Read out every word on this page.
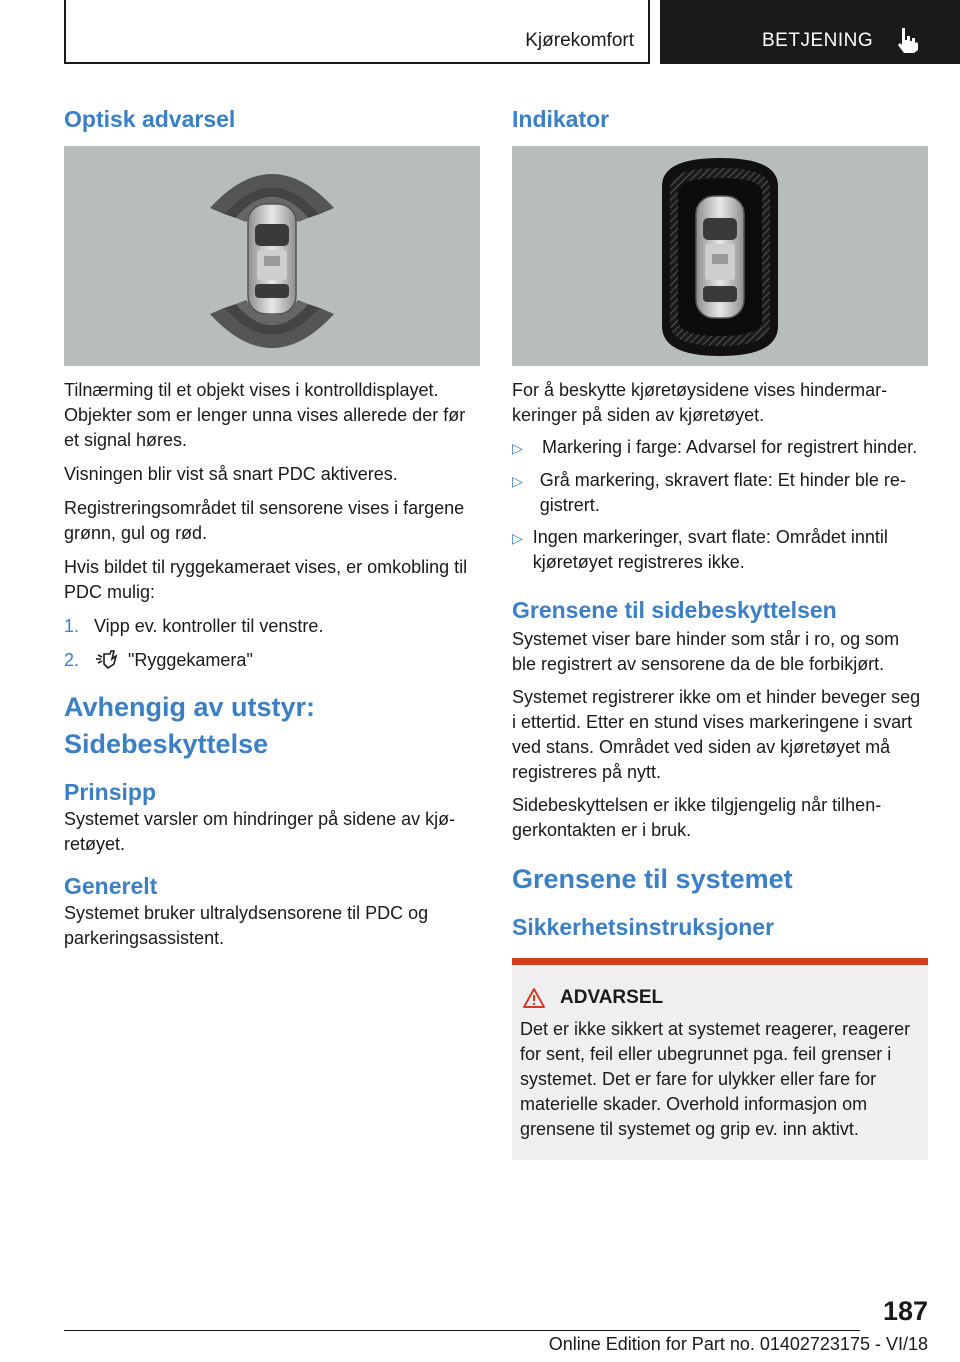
Kjørekomfort	BETJENING
Optisk advarsel
Tilnærming til et objekt vises i kontrolldisplayet. Objekter som er lenger unna vises allerede der før et signal høres.
Visningen blir vist så snart PDC aktiveres.
Registreringsområdet til sensorene vises i fargene grønn, gul og rød.
Hvis bildet til ryggekameraet vises, er omkobling til PDC mulig:
1. Vipp ev. kontroller til venstre.
2.	"Ryggekamera"
Avhengig av utstyr: Sidebeskyttelse
Prinsipp
Systemet varsler om hindringer på sidene av kjøretøyet.
Generelt
Systemet bruker ultralydsensorene til PDC og parkeringsassistent.
Indikator
For å beskytte kjøretøysidene vises hindermarkeringer på siden av kjøretøyet.
▷	Markering i farge: Advarsel for registrert hinder.
▷ Grå markering, skravert flate: Et hinder ble registrert.
▷ Ingen markeringer, svart flate: Området inntil kjøretøyet registreres ikke.
Grensene til sidebeskyttelsen
Systemet viser bare hinder som står i ro, og som ble registrert av sensorene da de ble forbikjørt.
Systemet registrerer ikke om et hinder beveger seg i ettertid. Etter en stund vises markeringene i svart ved stans. Området ved siden av kjøretøyet må registreres på nytt.
Sidebeskyttelsen er ikke tilgjengelig når tilhengerkontakten er i bruk.
Grensene til systemet
Sikkerhetsinstruksjoner
ADVARSEL
Det er ikke sikkert at systemet reagerer, reagerer for sent, feil eller ubegrunnet pga. feil grenser i systemet. Det er fare for ulykker eller fare for materielle skader. Overhold informasjon om grensene til systemet og grip ev. inn aktivt.
187
Online Edition for Part no. 01402723175 - VI/18
